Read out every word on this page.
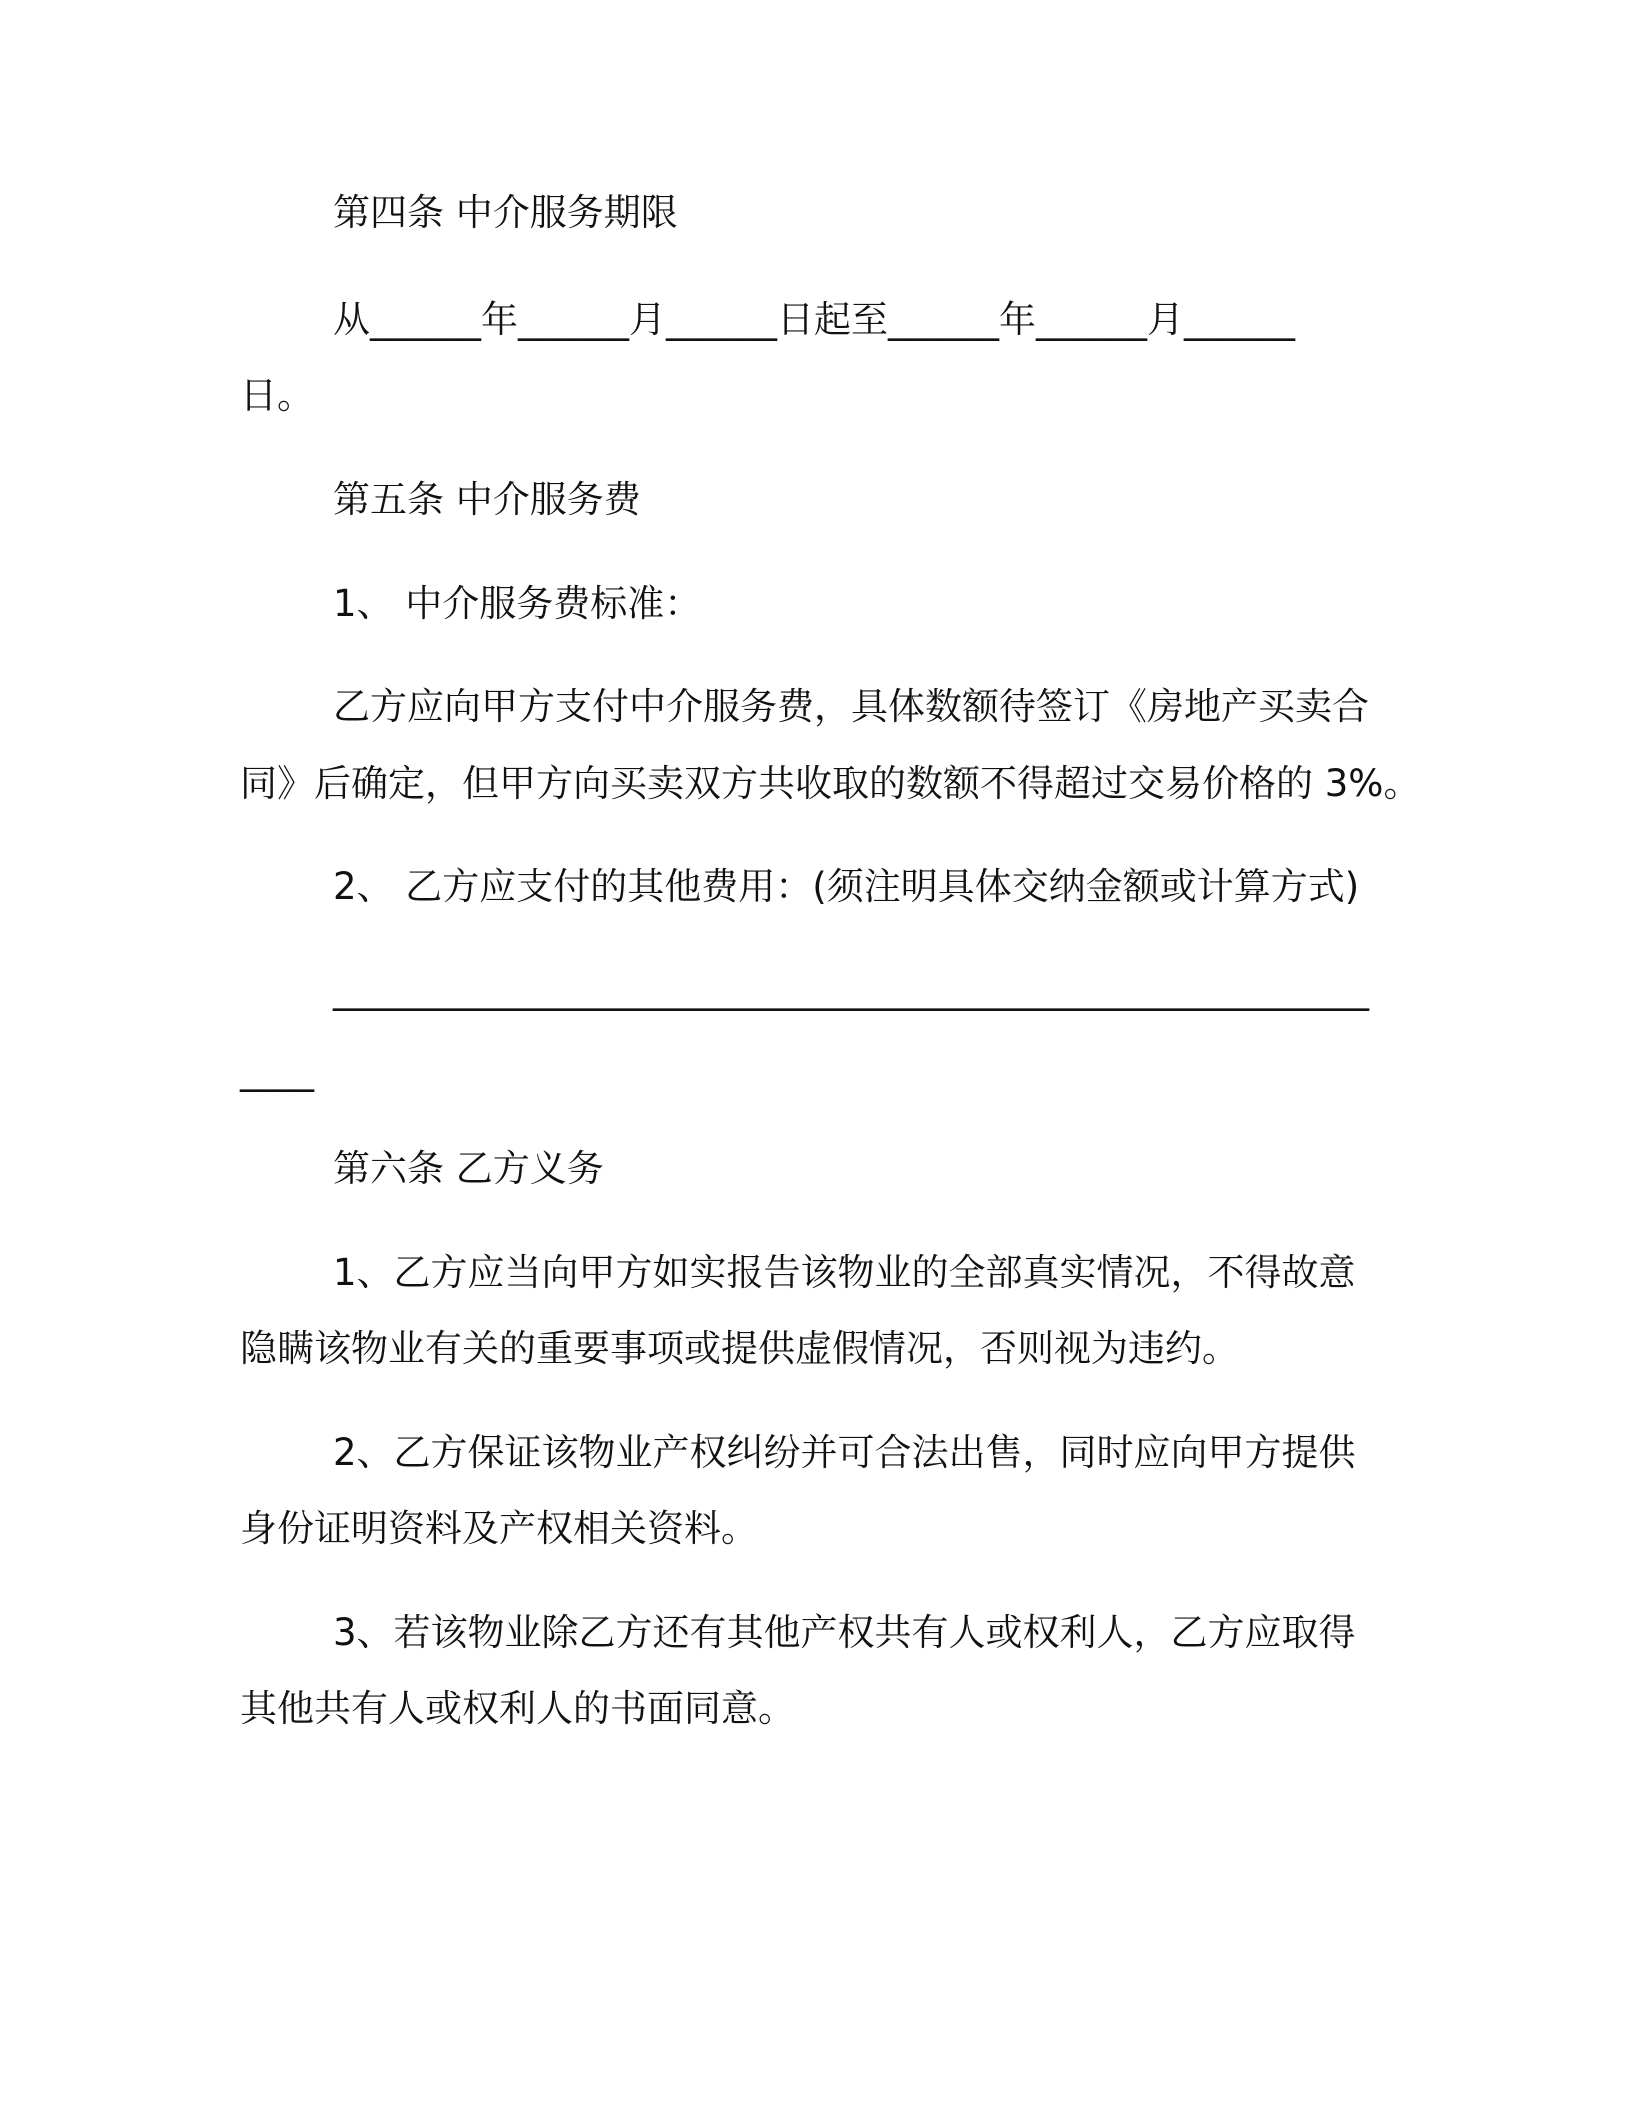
第四条 中介服务期限
从______年______月______日起至______年______月______
日。
第五条 中介服务费
1、 中介服务费标准：
乙方应向甲方支付中介服务费，具体数额待签订《房地产买卖合
同》后确定，但甲方向买卖双方共收取的数额不得超过交易价格的 3%。
2、 乙方应支付的其他费用：(须注明具体交纳金额或计算方式)
________________________________________________________
____
第六条 乙方义务
1、乙方应当向甲方如实报告该物业的全部真实情况，不得故意
隐瞒该物业有关的重要事项或提供虚假情况，否则视为违约。
2、乙方保证该物业产权纠纷并可合法出售，同时应向甲方提供
身份证明资料及产权相关资料。
3、若该物业除乙方还有其他产权共有人或权利人，乙方应取得
其他共有人或权利人的书面同意。
